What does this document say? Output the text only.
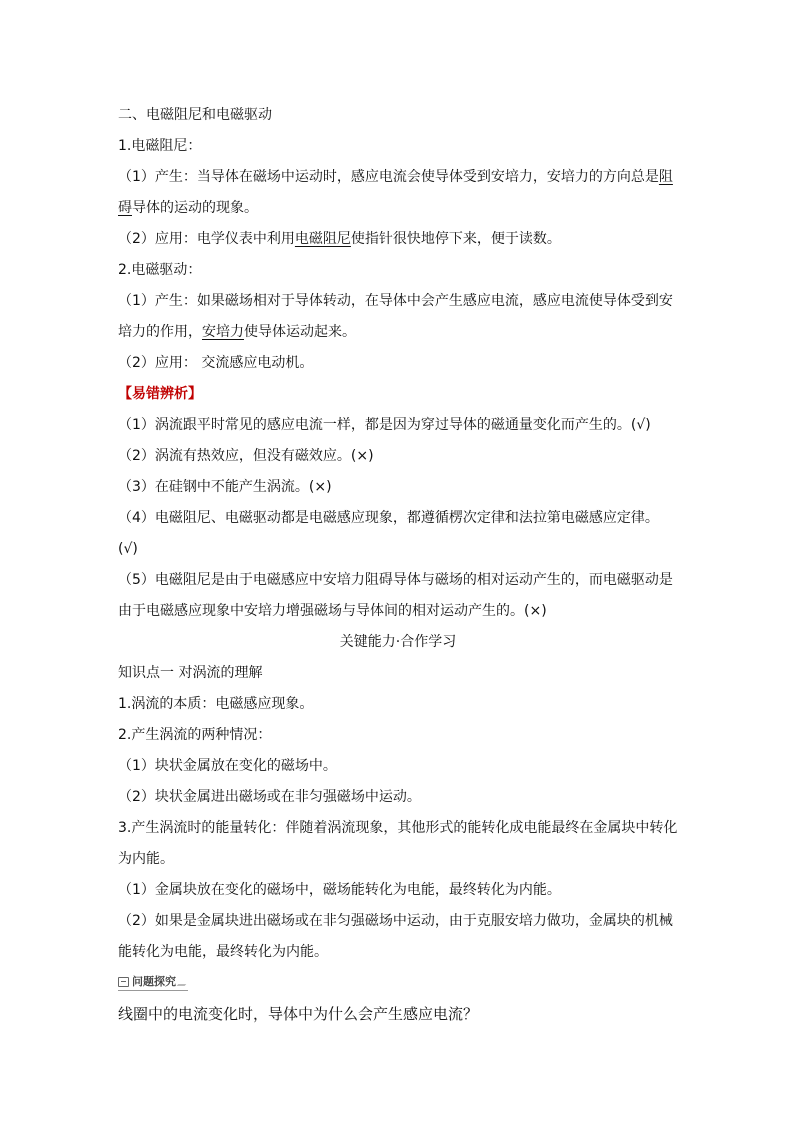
二、电磁阻尼和电磁驱动
1.电磁阻尼：
（1）产生：当导体在磁场中运动时，感应电流会使导体受到安培力，安培力的方向总是阻
碍导体的运动的现象。
（2）应用：电学仪表中利用电磁阻尼使指针很快地停下来，便于读数。
2.电磁驱动：
（1）产生：如果磁场相对于导体转动，在导体中会产生感应电流，感应电流使导体受到安
培力的作用，安培力使导体运动起来。
（2）应用： 交流感应电动机。
【易错辨析】
（1）涡流跟平时常见的感应电流一样，都是因为穿过导体的磁通量变化而产生的。(√)
（2）涡流有热效应，但没有磁效应。(×)
（3）在硅钢中不能产生涡流。(×)
（4）电磁阻尼、电磁驱动都是电磁感应现象，都遵循楞次定律和法拉第电磁感应定律。
(√)
（5）电磁阻尼是由于电磁感应中安培力阻碍导体与磁场的相对运动产生的，而电磁驱动是
由于电磁感应现象中安培力增强磁场与导体间的相对运动产生的。(×)
关键能力·合作学习
知识点一 对涡流的理解
1.涡流的本质：电磁感应现象。
2.产生涡流的两种情况：
（1）块状金属放在变化的磁场中。
（2）块状金属进出磁场或在非匀强磁场中运动。
3.产生涡流时的能量转化：伴随着涡流现象，其他形式的能转化成电能最终在金属块中转化
为内能。
（1）金属块放在变化的磁场中，磁场能转化为电能，最终转化为内能。
（2）如果是金属块进出磁场或在非匀强磁场中运动，由于克服安培力做功，金属块的机械
能转化为电能，最终转化为内能。
问题探究
线圈中的电流变化时，导体中为什么会产生感应电流？
